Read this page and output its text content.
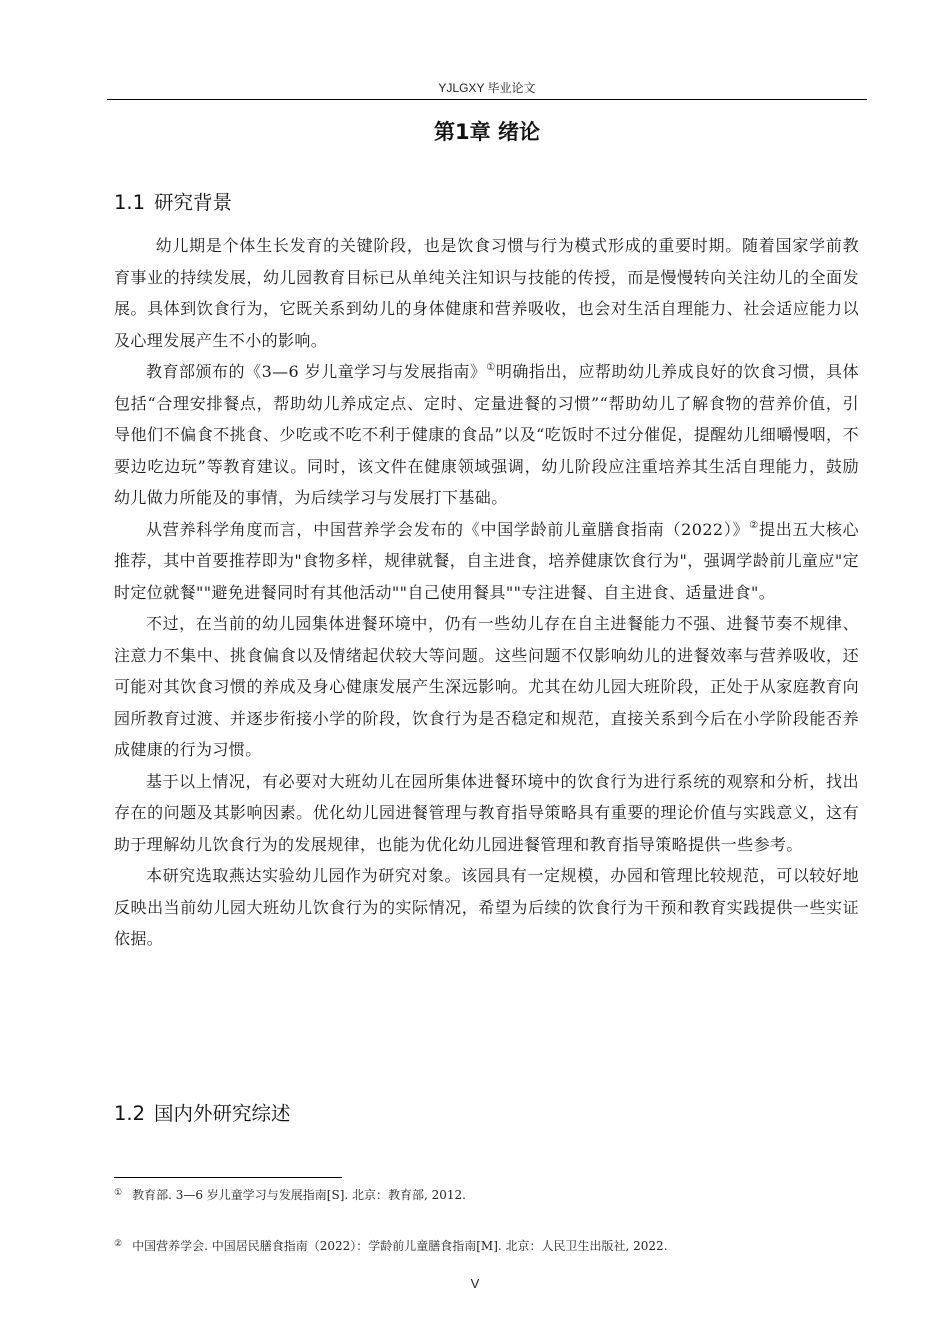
YJLGXY 毕业论文
第1章 绪论
1.1 研究背景

幼儿期是个体生长发育的关键阶段，也是饮食习惯与行为模式形成的重要时期。随着国家学前教育事业的持续发展，幼儿园教育目标已从单纯关注知识与技能的传授，而是慢慢转向关注幼儿的全面发展。具体到饮食行为，它既关系到幼儿的身体健康和营养吸收，也会对生活自理能力、社会适应能力以及心理发展产生不小的影响。

教育部颁布的《3—6 岁儿童学习与发展指南》①明确指出，应帮助幼儿养成良好的饮食习惯，具体包括“合理安排餐点，帮助幼儿养成定点、定时、定量进餐的习惯”“帮助幼儿了解食物的营养价值，引导他们不偏食不挑食、少吃或不吃不利于健康的食品”以及“吃饭时不过分催促，提醒幼儿细嚼慢咽，不要边吃边玩”等教育建议。同时，该文件在健康领域强调，幼儿阶段应注重培养其生活自理能力，鼓励幼儿做力所能及的事情，为后续学习与发展打下基础。

从营养科学角度而言，中国营养学会发布的《中国学龄前儿童膳食指南（2022）》②提出五大核心推荐，其中首要推荐即为"食物多样，规律就餐，自主进食，培养健康饮食行为"，强调学龄前儿童应"定时定位就餐""避免进餐同时有其他活动""自己使用餐具""专注进餐、自主进食、适量进食"。

不过，在当前的幼儿园集体进餐环境中，仍有一些幼儿存在自主进餐能力不强、进餐节奏不规律、注意力不集中、挑食偏食以及情绪起伏较大等问题。这些问题不仅影响幼儿的进餐效率与营养吸收，还可能对其饮食习惯的养成及身心健康发展产生深远影响。尤其在幼儿园大班阶段，正处于从家庭教育向园所教育过渡、并逐步衔接小学的阶段，饮食行为是否稳定和规范，直接关系到今后在小学阶段能否养成健康的行为习惯。

基于以上情况，有必要对大班幼儿在园所集体进餐环境中的饮食行为进行系统的观察和分析，找出存在的问题及其影响因素。优化幼儿园进餐管理与教育指导策略具有重要的理论价值与实践意义，这有助于理解幼儿饮食行为的发展规律，也能为优化幼儿园进餐管理和教育指导策略提供一些参考。

本研究选取燕达实验幼儿园作为研究对象。该园具有一定规模，办园和管理比较规范，可以较好地反映出当前幼儿园大班幼儿饮食行为的实际情况，希望为后续的饮食行为干预和教育实践提供一些实证依据。

1.2 国内外研究综述
① 教育部. 3—6 岁儿童学习与发展指南[S]. 北京：教育部, 2012.
② 中国营养学会. 中国居民膳食指南（2022）：学龄前儿童膳食指南[M]. 北京：人民卫生出版社, 2022.
V
